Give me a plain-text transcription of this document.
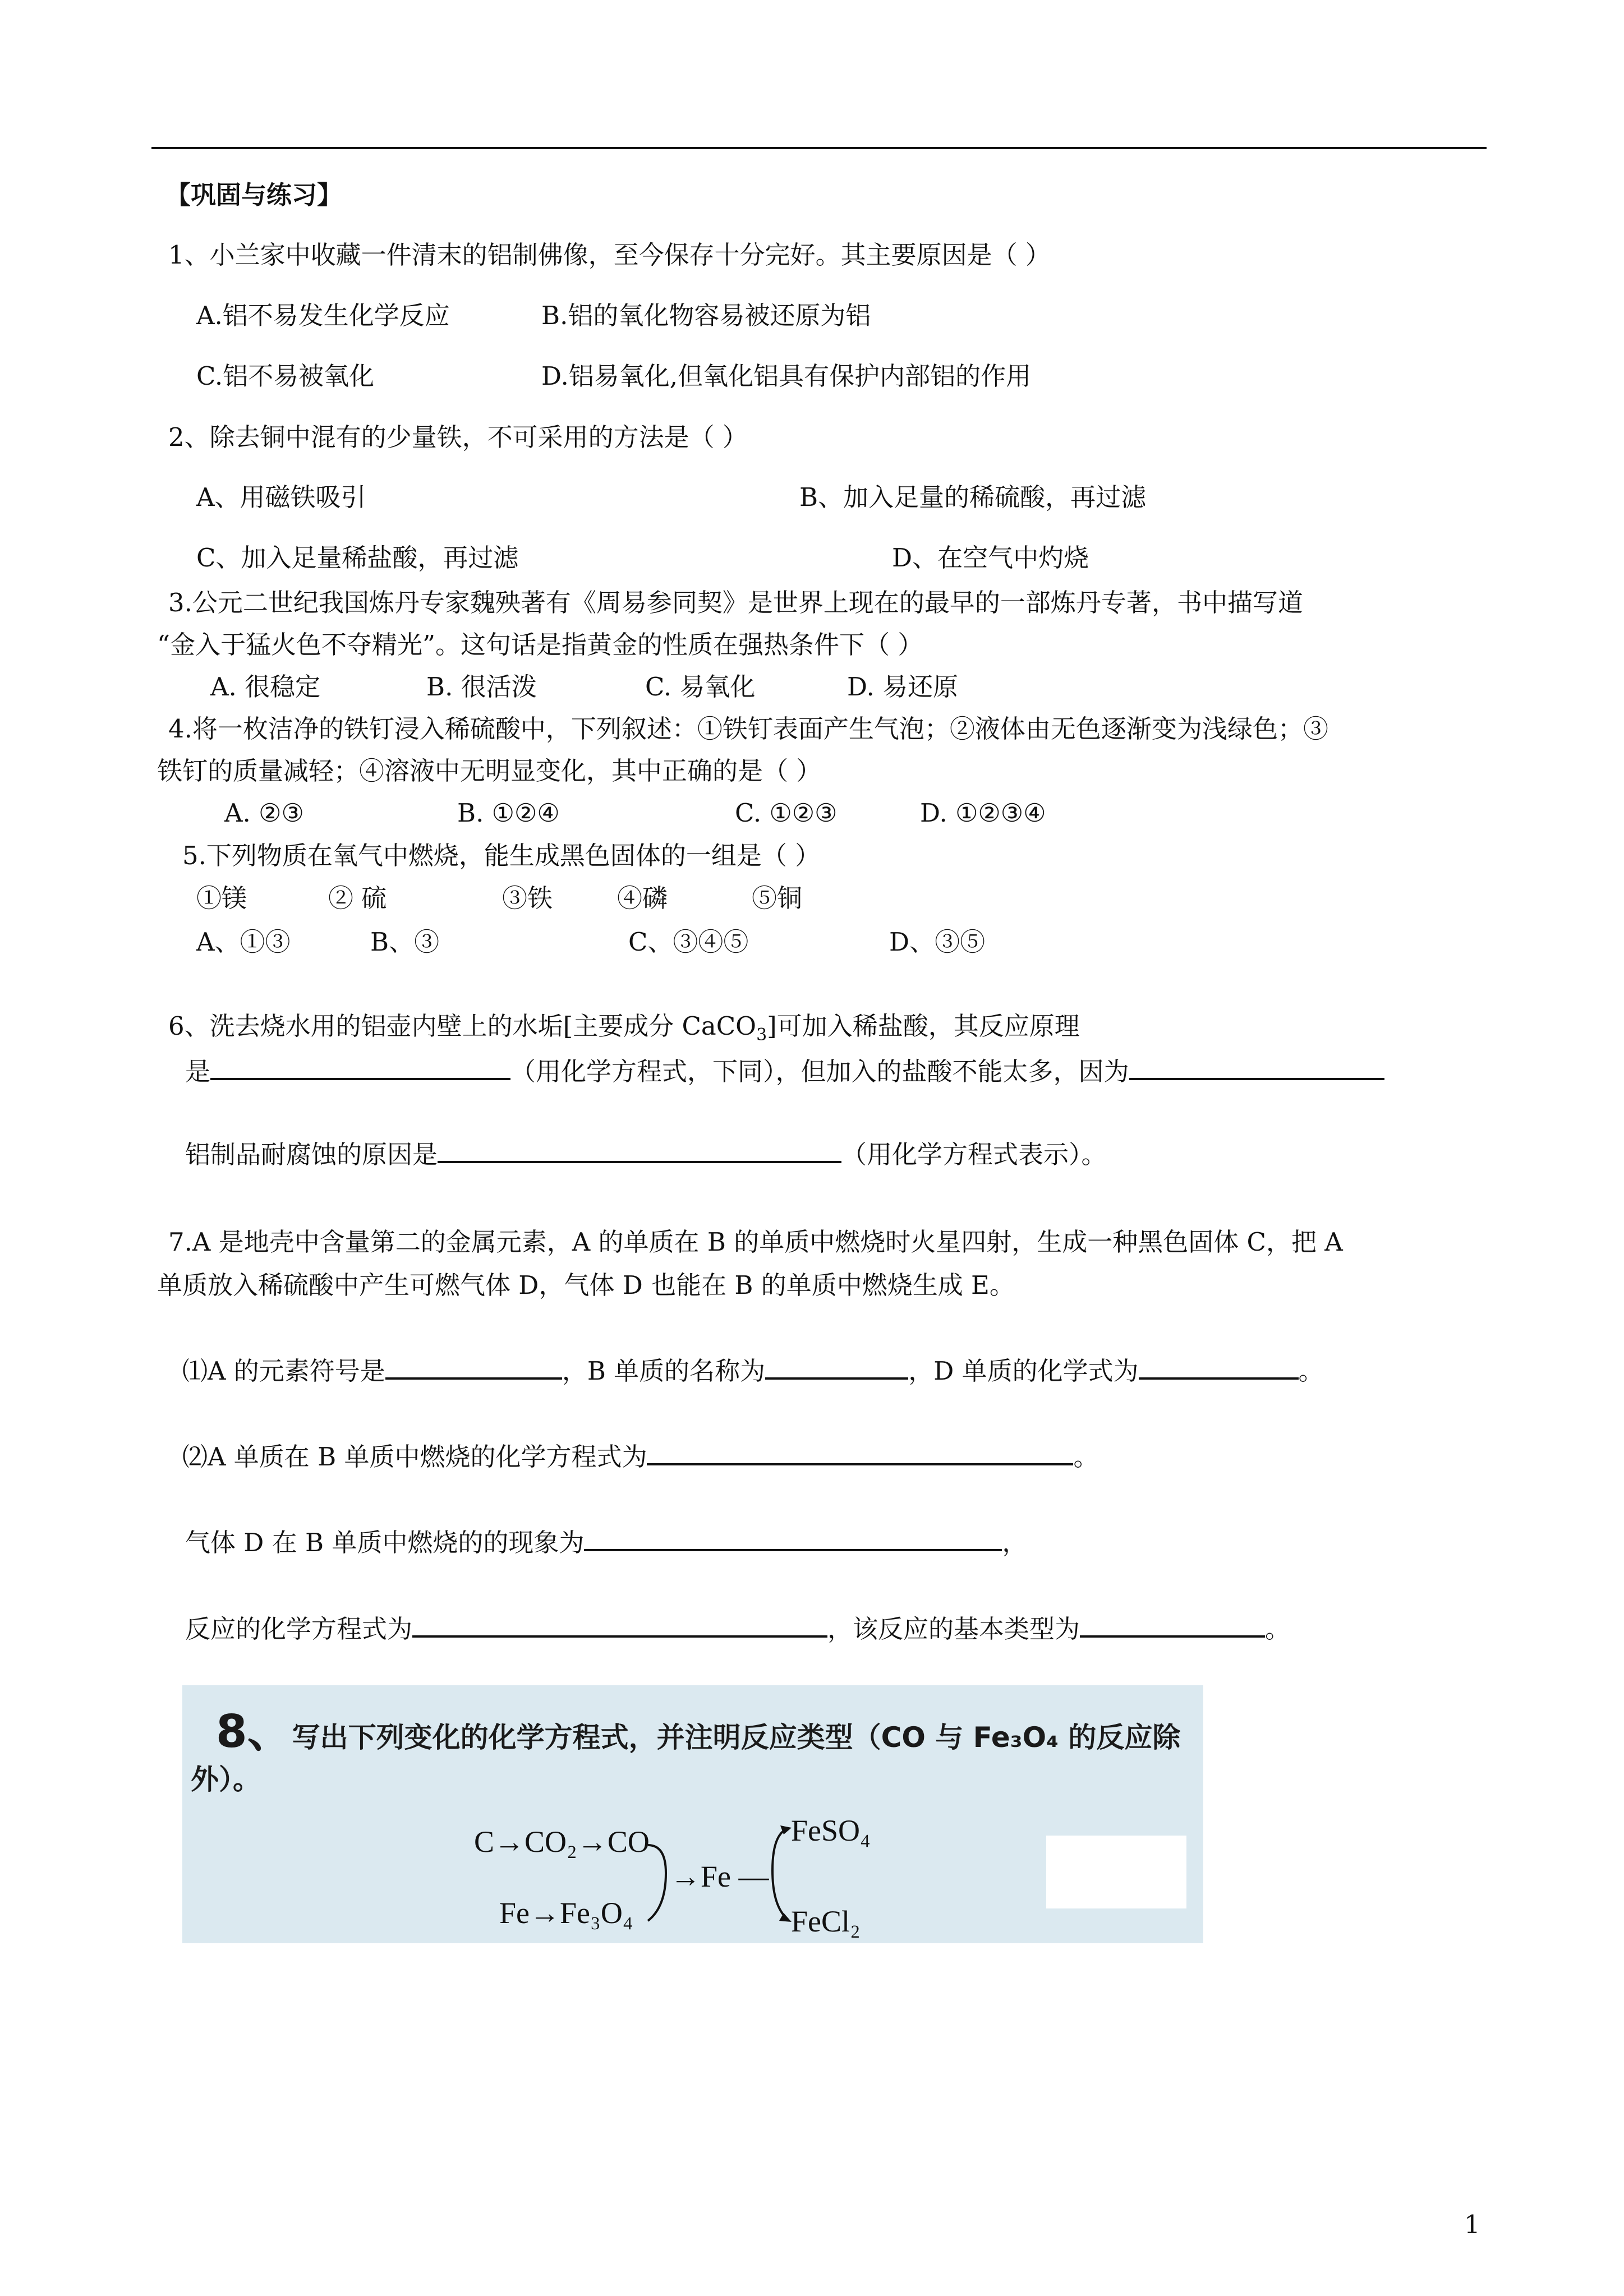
【巩固与练习】
1、小兰家中收藏一件清末的铝制佛像，至今保存十分完好。其主要原因是（ ）
A.铝不易发生化学反应	B.铝的氧化物容易被还原为铝
C.铝不易被氧化	D.铝易氧化,但氧化铝具有保护内部铝的作用
2、除去铜中混有的少量铁，不可采用的方法是（ ）
A、用磁铁吸引	B、加入足量的稀硫酸，再过滤
C、加入足量稀盐酸，再过滤	D、在空气中灼烧
3.公元二世纪我国炼丹专家魏殃著有《周易参同契》是世界上现在的最早的一部炼丹专著，书中描写道
“金入于猛火色不夺精光”。这句话是指黄金的性质在强热条件下（ ）
A. 很稳定	B. 很活泼	C. 易氧化	D. 易还原
4.将一枚洁净的铁钉浸入稀硫酸中，下列叙述：①铁钉表面产生气泡；②液体由无色逐渐变为浅绿色；③
铁钉的质量减轻；④溶液中无明显变化，其中正确的是（ ）
A. ②③	B. ①②④	C. ①②③	D. ①②③④
5.下列物质在氧气中燃烧，能生成黑色固体的一组是（ ）
①镁	② 硫	③铁	④磷	⑤铜
A、①③	B、③	C、③④⑤	D、③⑤
6、洗去烧水用的铝壶内壁上的水垢[主要成分 CaCO$_3$]可加入稀盐酸，其反应原理
是	（用化学方程式，下同），但加入的盐酸不能太多，因为
铝制品耐腐蚀的原因是	（用化学方程式表示）。
7.A 是地壳中含量第二的金属元素，A 的单质在 B 的单质中燃烧时火星四射，生成一种黑色固体 C，把 A
单质放入稀硫酸中产生可燃气体 D，气体 D 也能在 B 的单质中燃烧生成 E。
⑴A 的元素符号是	，B 单质的名称为	，D 单质的化学式为	。
⑵A 单质在 B 单质中燃烧的化学方程式为	。
气体 D 在 B 单质中燃烧的的现象为	，
反应的化学方程式为	，该反应的基本类型为	。
8、写出下列变化的化学方程式，并注明反应类型（CO 与 Fe₃O₄ 的反应除
外）。
C→CO₂→CO
Fe→Fe₃O₄
→Fe —
FeSO₄
FeCl₂
1
